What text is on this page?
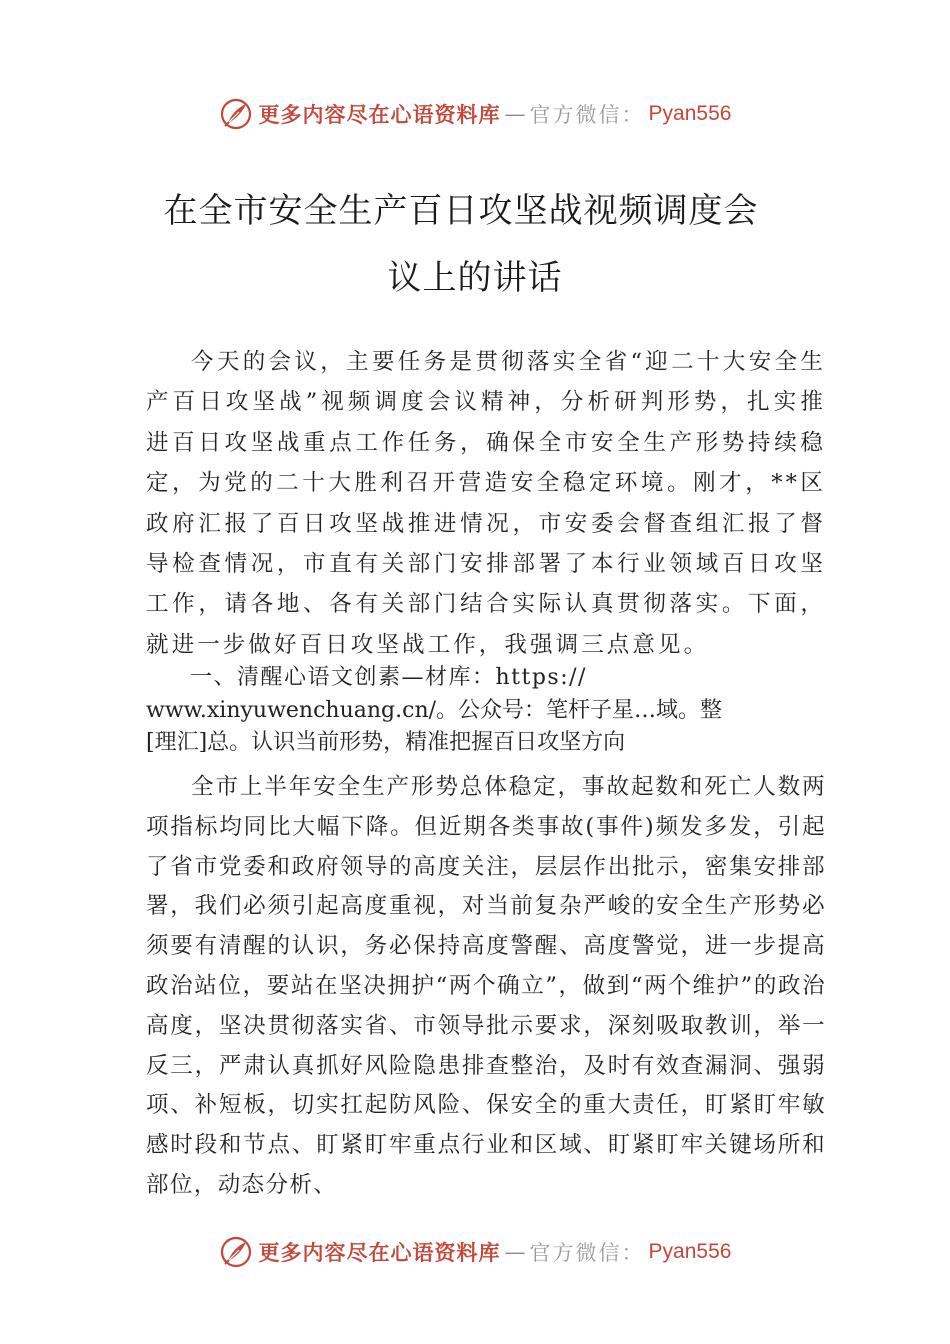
更多内容尽在心语资料库 — 官方微信： Pyan556
在全市安全生产百日攻坚战视频调度会
议上的讲话

今天的会议，主要任务是贯彻落实全省“迎二十大安全生产百日攻坚战”视频调度会议精神，分析研判形势，扎实推进百日攻坚战重点工作任务，确保全市安全生产形势持续稳定，为党的二十大胜利召开营造安全稳定环境。刚才，**区政府汇报了百日攻坚战推进情况，市安委会督查组汇报了督导检查情况，市直有关部门安排部署了本行业领域百日攻坚工作，请各地、各有关部门结合实际认真贯彻落实。下面，就进一步做好百日攻坚战工作，我强调三点意见。

一、清醒心语文创素—材库：https://
www.xinyuwenchuang.cn/。公众号：笔杆子星…域。整
[理汇]总。认识当前形势，精准把握百日攻坚方向

全市上半年安全生产形势总体稳定，事故起数和死亡人数两项指标均同比大幅下降。但近期各类事故(事件)频发多发，引起了省市党委和政府领导的高度关注，层层作出批示，密集安排部署，我们必须引起高度重视，对当前复杂严峻的安全生产形势必须要有清醒的认识，务必保持高度警醒、高度警觉，进一步提高政治站位，要站在坚决拥护“两个确立”，做到“两个维护”的政治高度，坚决贯彻落实省、市领导批示要求，深刻吸取教训，举一反三，严肃认真抓好风险隐患排查整治，及时有效查漏洞、强弱项、补短板，切实扛起防风险、保安全的重大责任，盯紧盯牢敏感时段和节点、盯紧盯牢重点行业和区域、盯紧盯牢关键场所和部位，动态分析、

更多内容尽在心语资料库 — 官方微信： Pyan556
